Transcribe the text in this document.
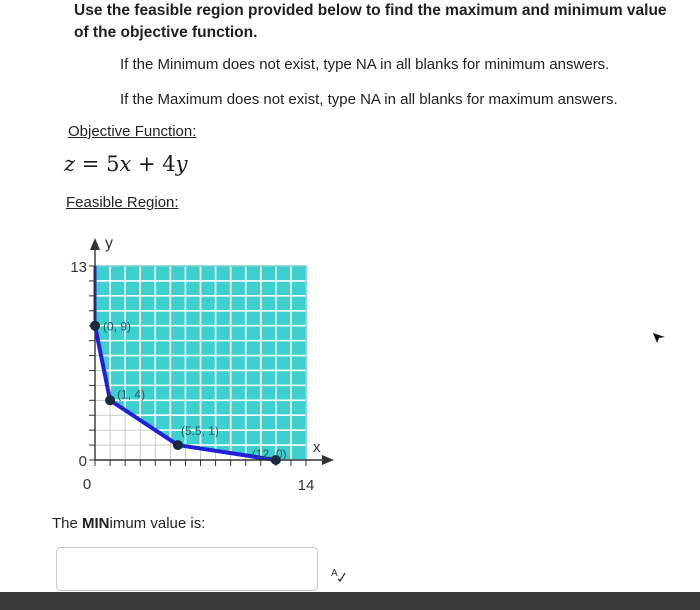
Use the feasible region provided below to find the maximum and minimum value of the objective function.
If the Minimum does not exist, type NA in all blanks for minimum answers.
If the Maximum does not exist, type NA in all blanks for maximum answers.
Objective Function:
z = 5x + 4y
Feasible Region:
y
x
13
0
0	14
(0, 9)
(1, 4)
(5.5, 1)
(12, 0)
The MINimum value is:
A
